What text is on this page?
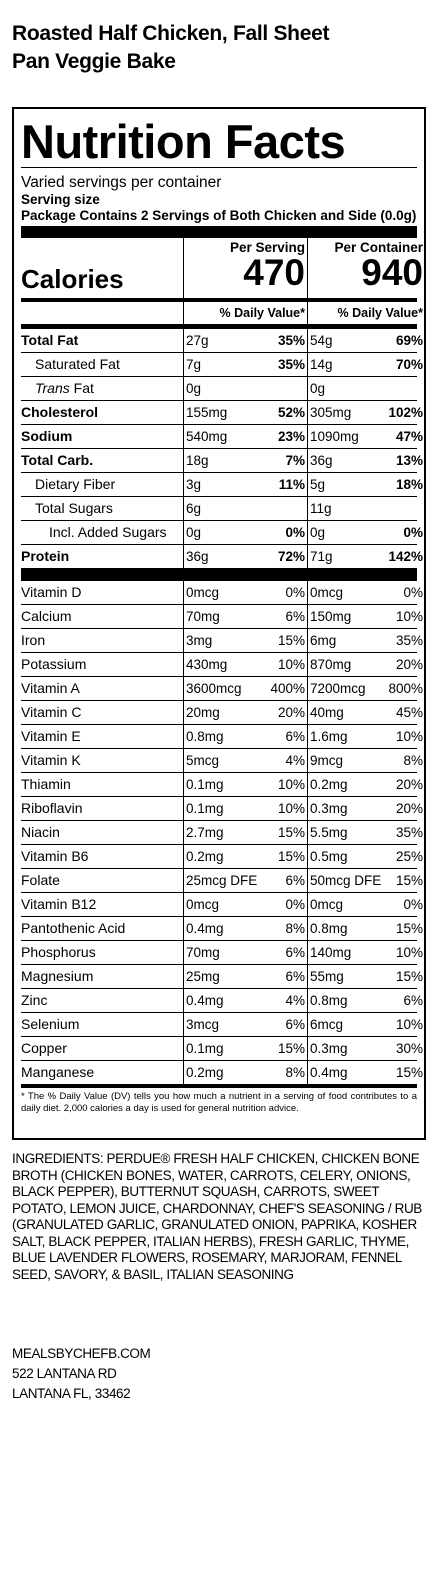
Roasted Half Chicken, Fall Sheet
Pan Veggie Bake
Nutrition Facts
Varied servings per container
Serving size
Package Contains 2 Servings of Both Chicken and Side (0.0g)
Calories
Per Serving
470
Per Container
940
% Daily Value*	% Daily Value*
Total Fat	27g	35% 54g	69%
Saturated Fat	7g	35% 14g	70%
Trans Fat	0g	0g
Cholesterol	155mg	52% 305mg	102%
Sodium	540mg	23% 1090mg	47%
Total Carb.	18g	7% 36g	13%
Dietary Fiber	3g	11% 5g	18%
Total Sugars	6g	11g
Incl. Added Sugars 0g	0% 0g	0%
Protein	36g	72% 71g	142%
Vitamin D	0mcg	0% 0mcg	0%
Calcium	70mg	6% 150mg	10%
Iron	3mg	15% 6mg	35%
Potassium	430mg	10% 870mg	20%
Vitamin A	3600mcg 400% 7200mcg 800%
Vitamin C	20mg	20% 40mg	45%
Vitamin E	0.8mg	6% 1.6mg	10%
Vitamin K	5mcg	4% 9mcg	8%
Thiamin	0.1mg	10% 0.2mg	20%
Riboflavin	0.1mg	10% 0.3mg	20%
Niacin	2.7mg	15% 5.5mg	35%
Vitamin B6	0.2mg	15% 0.5mg	25%
Folate	25mcg DFE 6% 50mcg DFE 15%
Vitamin B12	0mcg	0% 0mcg	0%
Pantothenic Acid	0.4mg	8% 0.8mg	15%
Phosphorus	70mg	6% 140mg	10%
Magnesium	25mg	6% 55mg	15%
Zinc	0.4mg	4% 0.8mg	6%
Selenium	3mcg	6% 6mcg	10%
Copper	0.1mg	15% 0.3mg	30%
Manganese	0.2mg	8% 0.4mg	15%
* The % Daily Value (DV) tells you how much a nutrient in a serving of food contributes to a daily diet. 2,000 calories a day is used for general nutrition advice.
INGREDIENTS: PERDUE® FRESH HALF CHICKEN, CHICKEN BONE BROTH (CHICKEN BONES, WATER, CARROTS, CELERY, ONIONS, BLACK PEPPER), BUTTERNUT SQUASH, CARROTS, SWEET POTATO, LEMON JUICE, CHARDONNAY, CHEF'S SEASONING / RUB (GRANULATED GARLIC, GRANULATED ONION, PAPRIKA, KOSHER SALT, BLACK PEPPER, ITALIAN HERBS), FRESH GARLIC, THYME, BLUE LAVENDER FLOWERS, ROSEMARY, MARJORAM, FENNEL SEED, SAVORY, & BASIL, ITALIAN SEASONING
MEALSBYCHEFB.COM
522 LANTANA RD
LANTANA FL, 33462
